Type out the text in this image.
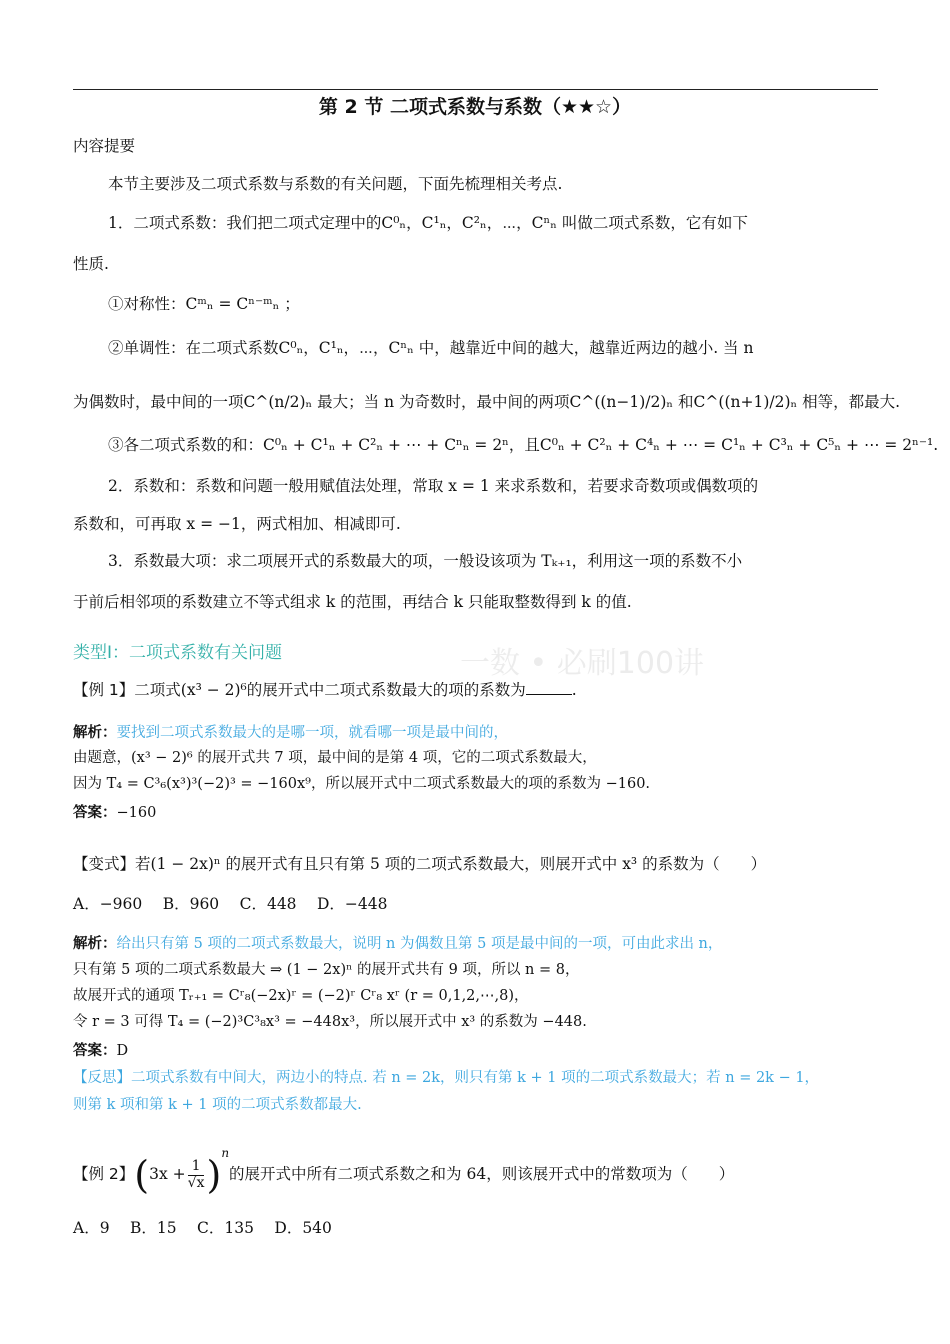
第 2 节 二项式系数与系数（★★☆）
内容提要
本节主要涉及二项式系数与系数的有关问题，下面先梳理相关考点.
1．二项式系数：我们把二项式定理中的C⁰ₙ，C¹ₙ，C²ₙ，⋯，Cⁿₙ 叫做二项式系数，它有如下
性质.
①对称性：Cᵐₙ = Cⁿ⁻ᵐₙ ；
②单调性：在二项式系数C⁰ₙ，C¹ₙ，⋯，Cⁿₙ 中，越靠近中间的越大，越靠近两边的越小. 当 n
为偶数时，最中间的一项C^(n/2)ₙ 最大；当 n 为奇数时，最中间的两项C^((n−1)/2)ₙ 和C^((n+1)/2)ₙ 相等，都最大.
③各二项式系数的和：C⁰ₙ + C¹ₙ + C²ₙ + ⋯ + Cⁿₙ = 2ⁿ，且C⁰ₙ + C²ₙ + C⁴ₙ + ⋯ = C¹ₙ + C³ₙ + C⁵ₙ + ⋯ = 2ⁿ⁻¹.
2．系数和：系数和问题一般用赋值法处理，常取 x = 1 来求系数和，若要求奇数项或偶数项的
系数和，可再取 x = −1，两式相加、相减即可.
3．系数最大项：求二项展开式的系数最大的项，一般设该项为 Tₖ₊₁，利用这一项的系数不小
于前后相邻项的系数建立不等式组求 k 的范围，再结合 k 只能取整数得到 k 的值.
一数 • 必刷100讲
类型Ⅰ：二项式系数有关问题
【例 1】二项式(x³ − 2)⁶的展开式中二项式系数最大的项的系数为	.
解析：要找到二项式系数最大的是哪一项，就看哪一项是最中间的，
由题意，(x³ − 2)⁶ 的展开式共 7 项，最中间的是第 4 项，它的二项式系数最大，
因为 T₄ = C³₆(x³)³(−2)³ = −160x⁹，所以展开式中二项式系数最大的项的系数为 −160.
答案：−160
【变式】若(1 − 2x)ⁿ 的展开式有且只有第 5 项的二项式系数最大，则展开式中 x³ 的系数为（　　）
A．−960　 B．960　 C．448　 D．−448
解析：给出只有第 5 项的二项式系数最大，说明 n 为偶数且第 5 项是最中间的一项，可由此求出 n，
只有第 5 项的二项式系数最大 ⇒ (1 − 2x)ⁿ 的展开式共有 9 项，所以 n = 8，
故展开式的通项 Tᵣ₊₁ = Cʳ₈(−2x)ʳ = (−2)ʳ Cʳ₈ xʳ (r = 0,1,2,⋯,8)，
令 r = 3 可得 T₄ = (−2)³C³₈x³ = −448x³，所以展开式中 x³ 的系数为 −448.
答案：D
【反思】二项式系数有中间大，两边小的特点. 若 n = 2k，则只有第 k + 1 项的二项式系数最大；若 n = 2k − 1，
则第 k 项和第 k + 1 项的二项式系数都最大.
【例 2】$(3x + \frac{1}{√x} )^n$的展开式中所有二项式系数之和为 64，则该展开式中的常数项为（　　）
A．9　 B．15　 C．135　 D．540
